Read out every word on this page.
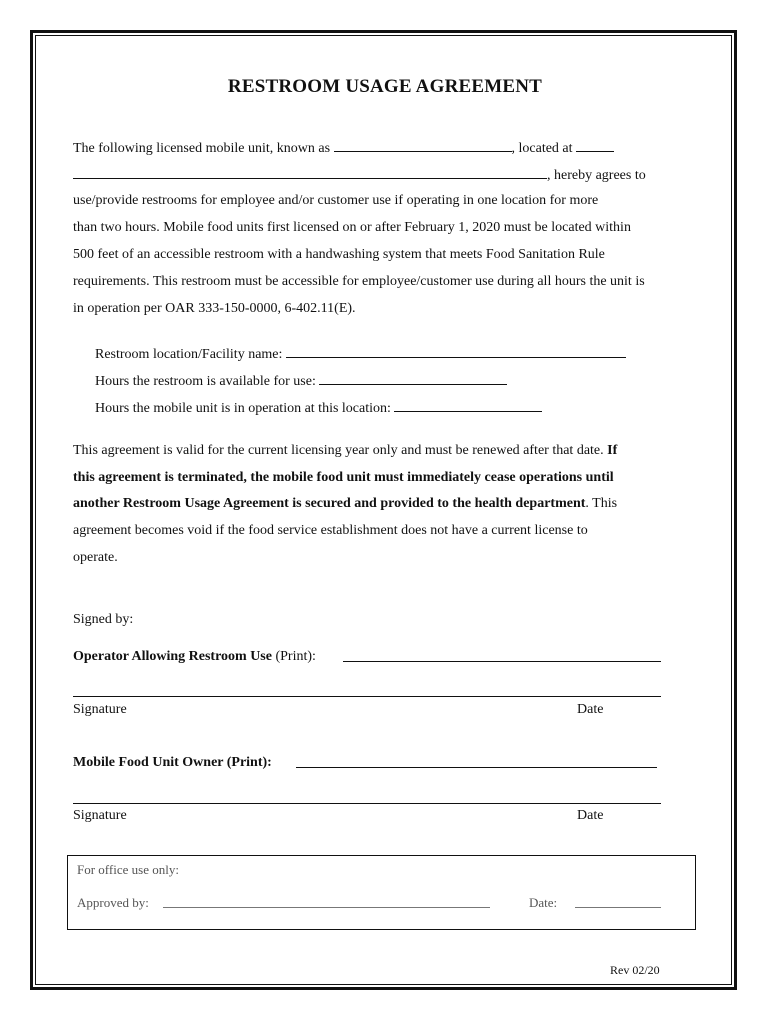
RESTROOM USAGE AGREEMENT
The following licensed mobile unit, known as	, located at
, hereby agrees to
use/provide restrooms for employee and/or customer use if operating in one location for more
than two hours. Mobile food units first licensed on or after February 1, 2020 must be located within
500 feet of an accessible restroom with a handwashing system that meets Food Sanitation Rule
requirements. This restroom must be accessible for employee/customer use during all hours the unit is
in operation per OAR 333-150-0000, 6-402.11(E).
Restroom location/Facility name:
Hours the restroom is available for use:
Hours the mobile unit is in operation at this location:
This agreement is valid for the current licensing year only and must be renewed after that date. If
this agreement is terminated, the mobile food unit must immediately cease operations until
another Restroom Usage Agreement is secured and provided to the health department. This
agreement becomes void if the food service establishment does not have a current license to
operate.
Signed by:
Operator Allowing Restroom Use (Print):
Signature	Date
Mobile Food Unit Owner (Print):
Signature	Date
For office use only:
Approved by:	Date:
Rev 02/20
